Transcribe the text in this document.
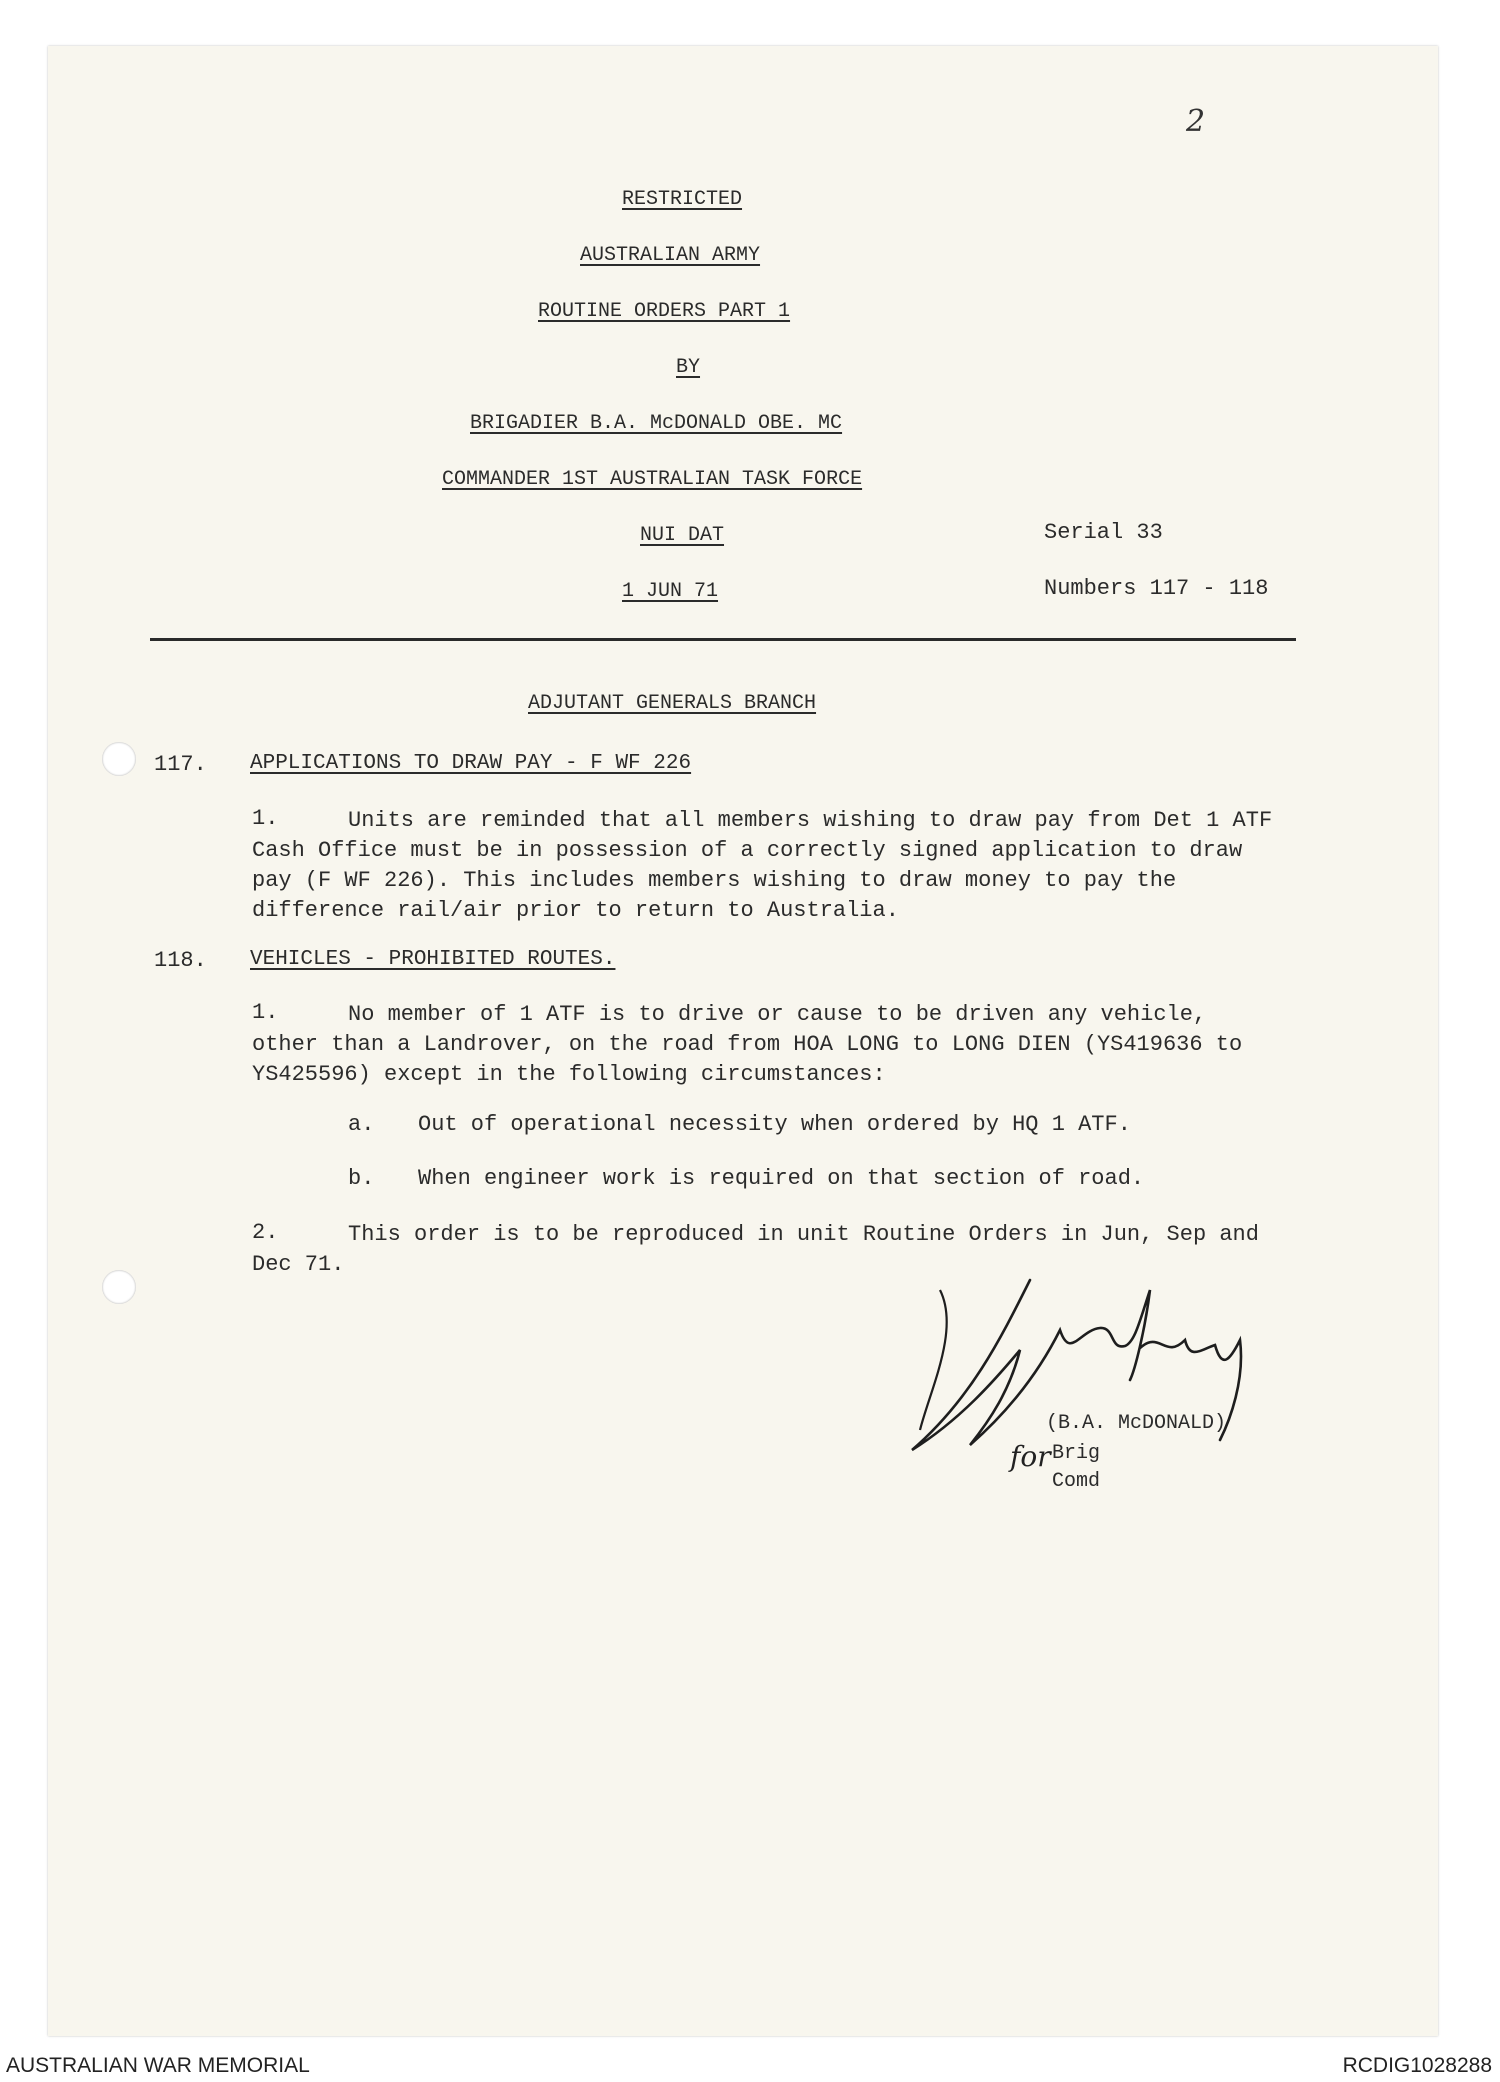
2
RESTRICTED
AUSTRALIAN ARMY
ROUTINE ORDERS PART 1
BY
BRIGADIER B.A. McDONALD OBE. MC
COMMANDER 1ST AUSTRALIAN TASK FORCE
NUI DAT
1 JUN 71
Serial 33
Numbers 117 - 118
ADJUTANT GENERALS BRANCH
117. APPLICATIONS TO DRAW PAY - F WF 226
1.	Units are reminded that all members wishing to draw pay from Det 1 ATF Cash Office must be in possession of a correctly signed application to draw pay (F WF 226). This includes members wishing to draw money to pay the difference rail/air prior to return to Australia.
118. VEHICLES - PROHIBITED ROUTES.
1.	No member of 1 ATF is to drive or cause to be driven any vehicle, other than a Landrover, on the road from HOA LONG to LONG DIEN (YS419636 to YS425596) except in the following circumstances:
a. Out of operational necessity when ordered by HQ 1 ATF.
b. When engineer work is required on that section of road.
2.	This order is to be reproduced in unit Routine Orders in Jun, Sep and Dec 71.
for
(B.A. McDONALD)
Brig
Comd
AUSTRALIAN WAR MEMORIAL	RCDIG1028288
